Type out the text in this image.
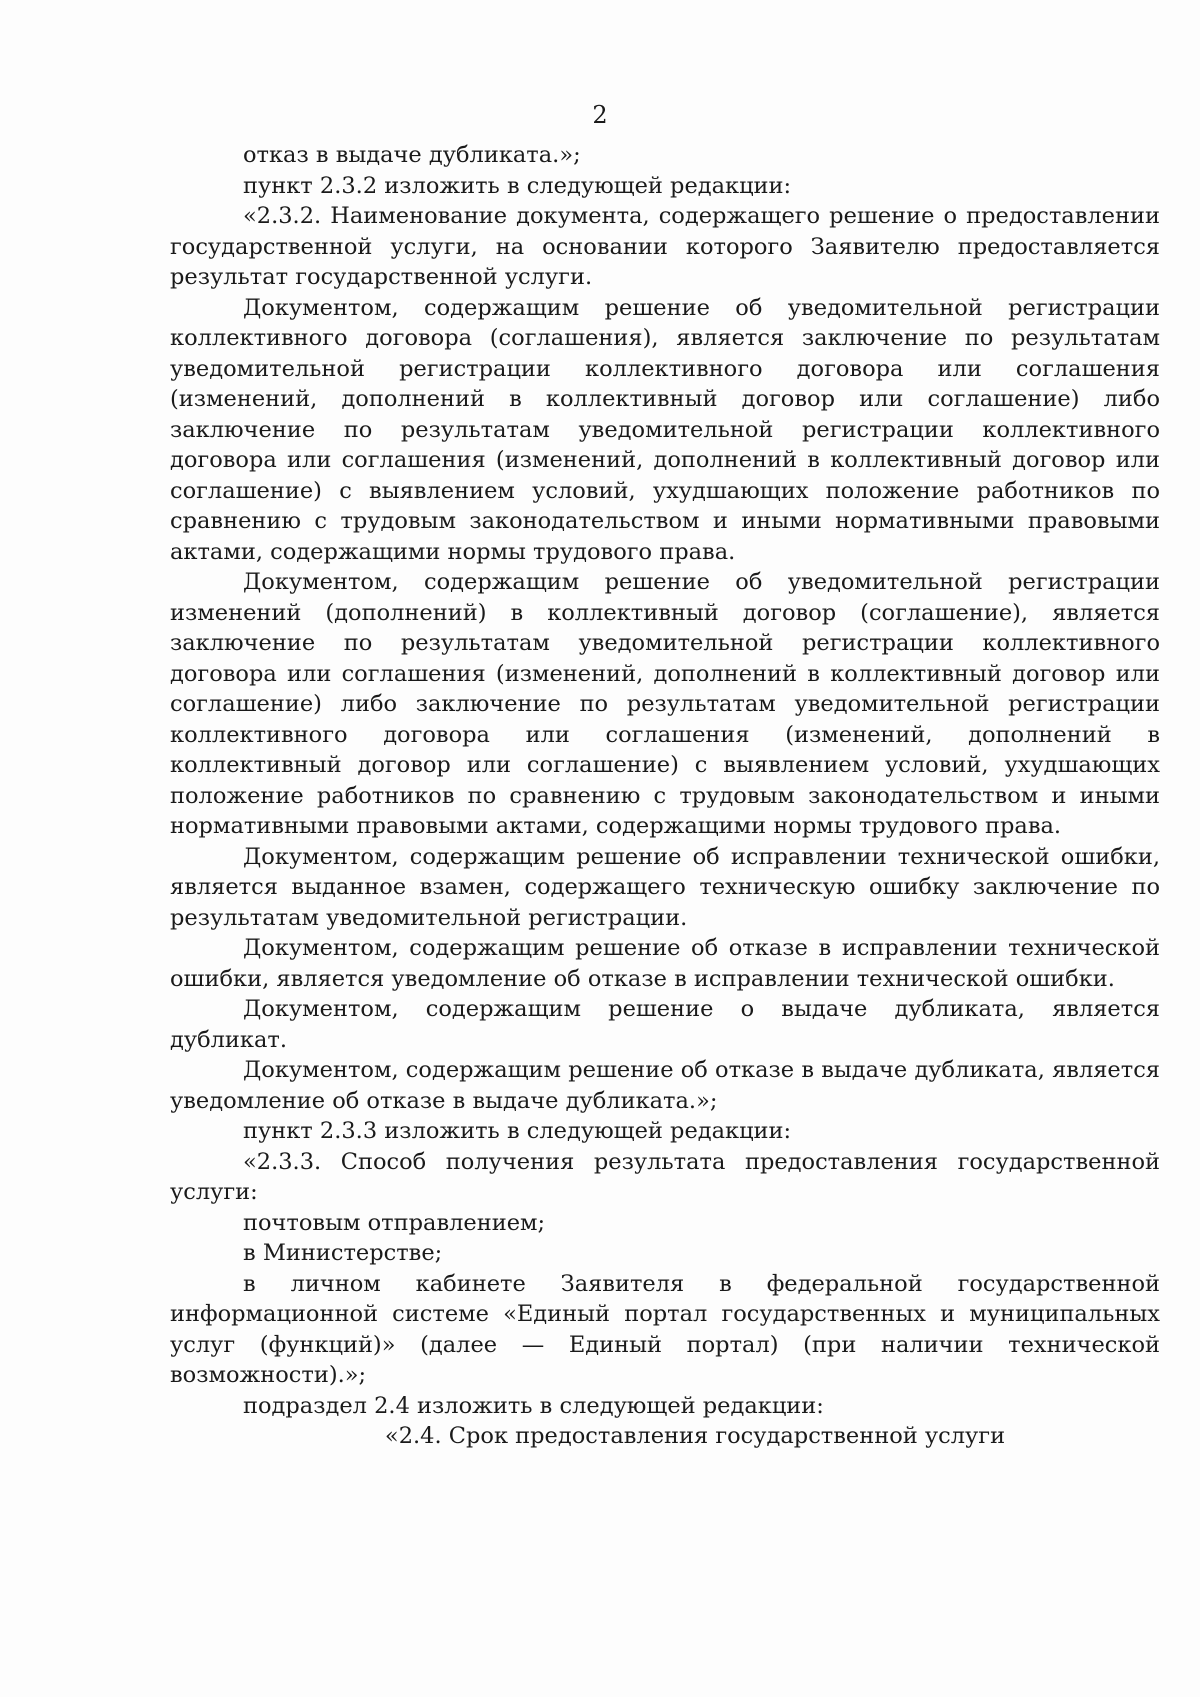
2

отказ в выдаче дубликата.»;

пункт 2.3.2 изложить в следующей редакции:

«2.3.2. Наименование документа, содержащего решение о предоставлении государственной услуги, на основании которого Заявителю предоставляется результат государственной услуги.

Документом, содержащим решение об уведомительной регистрации коллективного договора (соглашения), является заключение по результатам уведомительной регистрации коллективного договора или соглашения (изменений, дополнений в коллективный договор или соглашение) либо заключение по результатам уведомительной регистрации коллективного договора или соглашения (изменений, дополнений в коллективный договор или соглашение) с выявлением условий, ухудшающих положение работников по сравнению с трудовым законодательством и иными нормативными правовыми актами, содержащими нормы трудового права.

Документом, содержащим решение об уведомительной регистрации изменений (дополнений) в коллективный договор (соглашение), является заключение по результатам уведомительной регистрации коллективного договора или соглашения (изменений, дополнений в коллективный договор или соглашение) либо заключение по результатам уведомительной регистрации коллективного договора или соглашения (изменений, дополнений в коллективный договор или соглашение) с выявлением условий, ухудшающих положение работников по сравнению с трудовым законодательством и иными нормативными правовыми актами, содержащими нормы трудового права.

Документом, содержащим решение об исправлении технической ошибки, является выданное взамен, содержащего техническую ошибку заключение по результатам уведомительной регистрации.

Документом, содержащим решение об отказе в исправлении технической ошибки, является уведомление об отказе в исправлении технической ошибки.

Документом, содержащим решение о выдаче дубликата, является дубликат.

Документом, содержащим решение об отказе в выдаче дубликата, является уведомление об отказе в выдаче дубликата.»;

пункт 2.3.3 изложить в следующей редакции:

«2.3.3. Способ получения результата предоставления государственной услуги:

почтовым отправлением;

в Министерстве;

в личном кабинете Заявителя в федеральной государственной информационной системе «Единый портал государственных и муниципальных услуг (функций)» (далее — Единый портал) (при наличии технической возможности).»;

подраздел 2.4 изложить в следующей редакции:

«2.4. Срок предоставления государственной услуги
